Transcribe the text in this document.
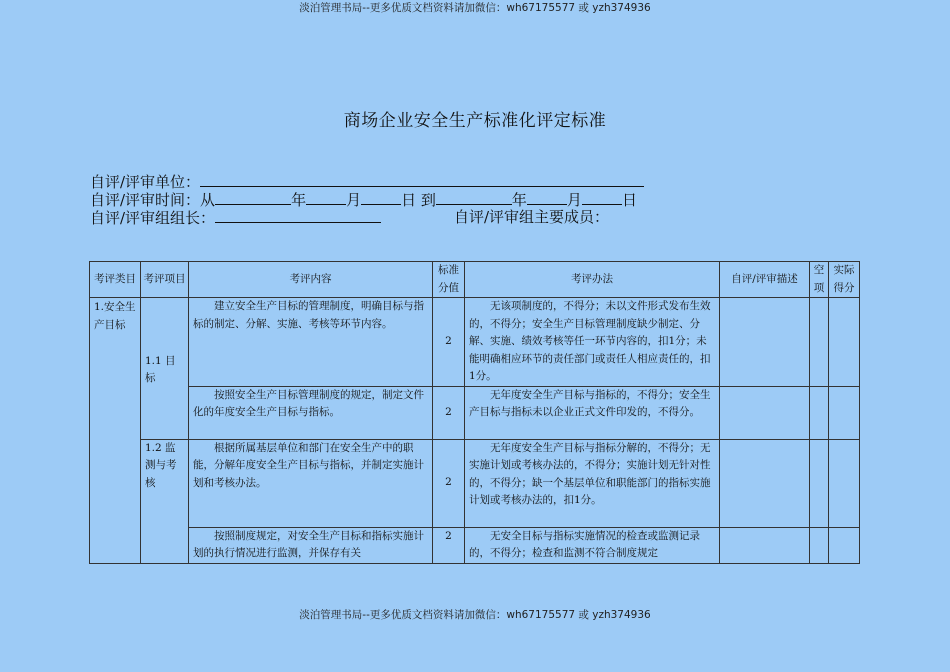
淡泊管理书局--更多优质文档资料请加微信：wh67175577 或 yzh374936
商场企业安全生产标准化评定标准
自评/评审单位：
自评/评审时间：从	年	月	日 到	年	月	日
自评/评审组组长：	自评/评审组主要成员：
考评类目	考评项目	考评内容	标准分值	考评办法	自评/评审描述	空项	实际得分
1.安全生产目标	1.1 目标	建立安全生产目标的管理制度，明确目标与指标的制定、分解、实施、考核等环节内容。	2	无该项制度的，不得分；未以文件形式发布生效的，不得分；安全生产目标管理制度缺少制定、分解、实施、绩效考核等任一环节内容的，扣1分；未能明确相应环节的责任部门或责任人相应责任的，扣1分。			
		按照安全生产目标管理制度的规定，制定文件化的年度安全生产目标与指标。	2	无年度安全生产目标与指标的，不得分；安全生产目标与指标未以企业正式文件印发的，不得分。			
	1.2 监测与考核	根据所属基层单位和部门在安全生产中的职能，分解年度安全生产目标与指标，并制定实施计划和考核办法。	2	无年度安全生产目标与指标分解的，不得分；无实施计划或考核办法的，不得分；实施计划无针对性的，不得分；缺一个基层单位和职能部门的指标实施计划或考核办法的，扣1分。			

		按照制度规定，对安全生产目标和指标实施计划的执行情况进行监测，并保存有关	2	无安全目标与指标实施情况的检查或监测记录的，不得分；检查和监测不符合制度规定			

淡泊管理书局--更多优质文档资料请加微信：wh67175577 或 yzh374936
